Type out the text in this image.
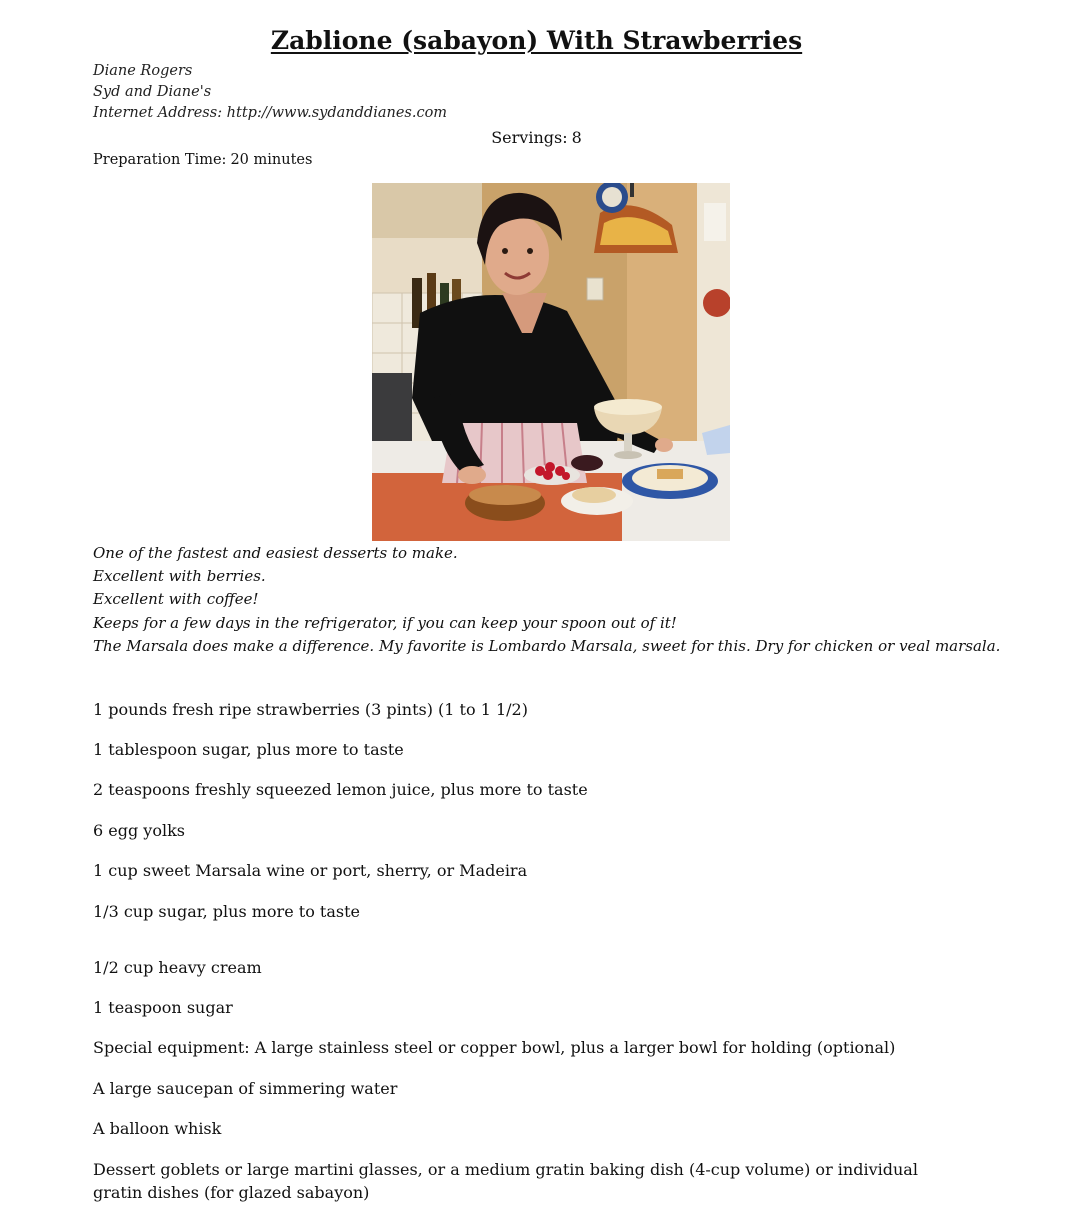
Zablione (sabayon) With Strawberries
Diane Rogers
Syd and Diane's
Internet Address: http://www.sydanddianes.com
Servings: 8
Preparation Time: 20 minutes
One of the fastest and easiest desserts to make.
Excellent with berries.
Excellent with coffee!
Keeps for a few days in the refrigerator, if you can keep your spoon out of it!
The Marsala does make a difference. My favorite is Lombardo Marsala, sweet for this. Dry for chicken or veal marsala.
1 pounds fresh ripe strawberries (3 pints) (1 to 1 1/2)
1 tablespoon sugar, plus more to taste
2 teaspoons freshly squeezed lemon juice, plus more to taste
6 egg yolks
1 cup sweet Marsala wine or port, sherry, or Madeira
1/3 cup sugar, plus more to taste
1/2 cup heavy cream
1 teaspoon sugar
Special equipment: A large stainless steel or copper bowl, plus a larger bowl for holding (optional)
A large saucepan of simmering water
A balloon whisk
Dessert goblets or large martini glasses, or a medium gratin baking dish (4-cup volume) or individual gratin dishes (for glazed sabayon)
